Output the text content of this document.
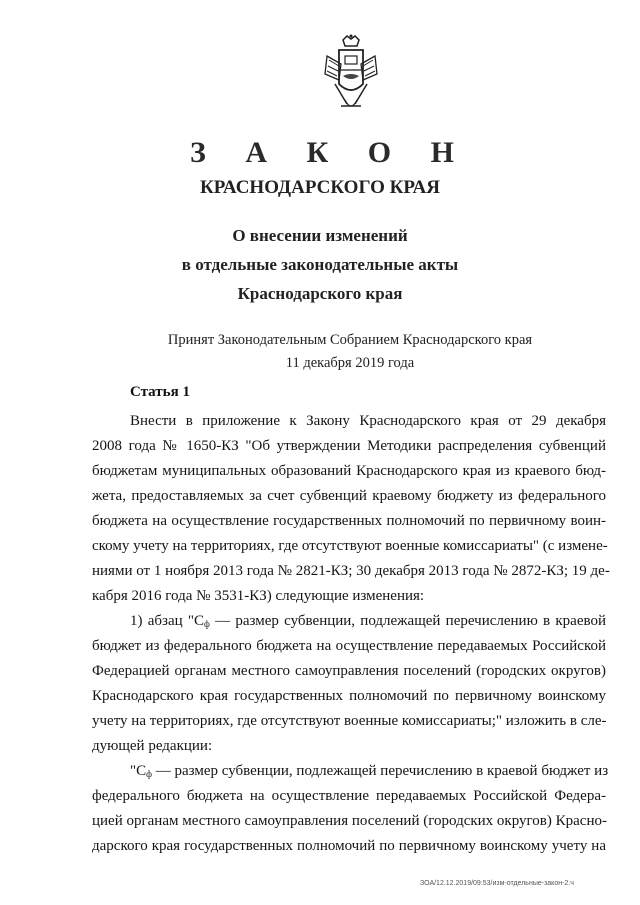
З А К О Н
КРАСНОДАРСКОГО КРАЯ
О внесении изменений
в отдельные законодательные акты
Краснодарского края
Принят Законодательным Собранием Краснодарского края
11 декабря 2019 года
Статья 1
Внести в приложение к Закону Краснодарского края от 29 декабря
2008 года № 1650-КЗ "Об утверждении Методики распределения субвенций
бюджетам муниципальных образований Краснодарского края из краевого бюд-
жета, предоставляемых за счет субвенций краевому бюджету из федерального
бюджета на осуществление государственных полномочий по первичному воин-
скому учету на территориях, где отсутствуют военные комиссариаты" (с измене-
ниями от 1 ноября 2013 года № 2821-КЗ; 30 декабря 2013 года № 2872-КЗ; 19 де-
кабря 2016 года № 3531-КЗ) следующие изменения:
1) абзац "$С_ф$ — размер субвенции, подлежащей перечислению в краевой
бюджет из федерального бюджета на осуществление передаваемых Российской
Федерацией органам местного самоуправления поселений (городских округов)
Краснодарского края государственных полномочий по первичному воинскому
учету на территориях, где отсутствуют военные комиссариаты;" изложить в сле-
дующей редакции:
"$С_ф$ — размер субвенции, подлежащей перечислению в краевой бюджет из
федерального бюджета на осуществление передаваемых Российской Федера-
цией органам местного самоуправления поселений (городских округов) Красно-
дарского края государственных полномочий по первичному воинскому учету на
ЗОА/12.12.2019/09:53/изм-отдельные-закон-2.ч
